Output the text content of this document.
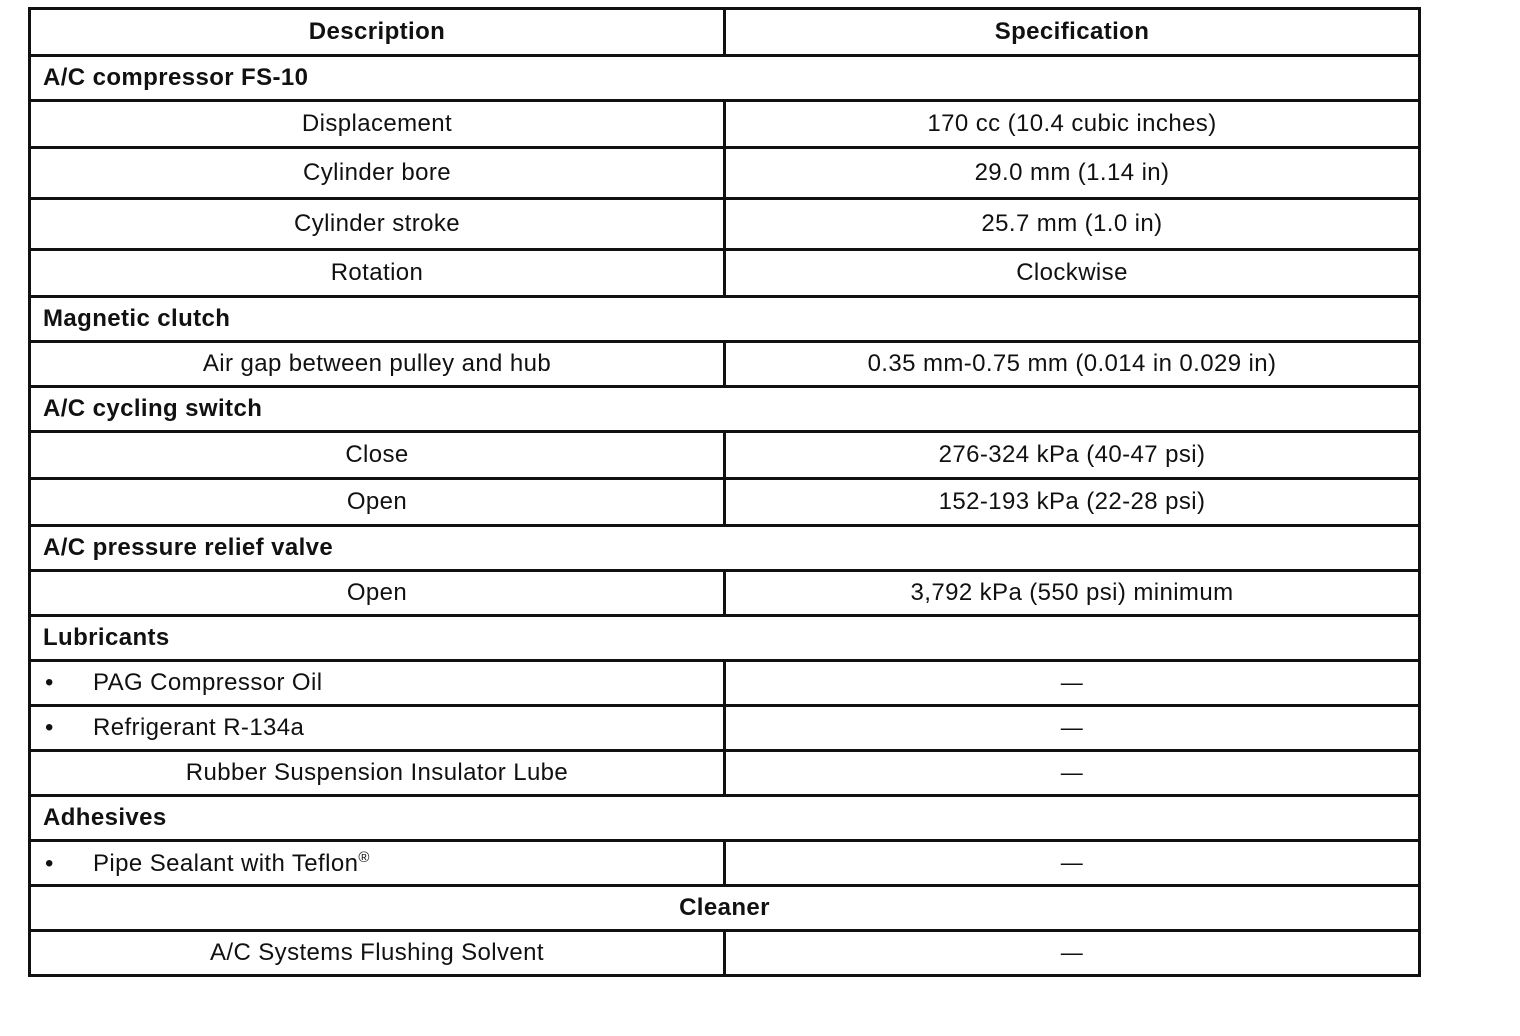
Description	Specification
A/C compressor FS-10	
Displacement	170 cc (10.4 cubic inches)
Cylinder bore	29.0 mm (1.14 in)
Cylinder stroke	25.7 mm (1.0 in)
Rotation	Clockwise
Magnetic clutch	
Air gap between pulley and hub	0.35 mm-0.75 mm (0.014 in 0.029 in)
A/C cycling switch	
Close	276-324 kPa (40-47 psi)
Open	152-193 kPa (22-28 psi)
A/C pressure relief valve	
Open	3,792 kPa (550 psi) minimum
Lubricants	
• PAG Compressor Oil	—
• Refrigerant R-134a	—
Rubber Suspension Insulator Lube	—
Adhesives	
• Pipe Sealant with Teflon®	—
Cleaner	
A/C Systems Flushing Solvent	—
